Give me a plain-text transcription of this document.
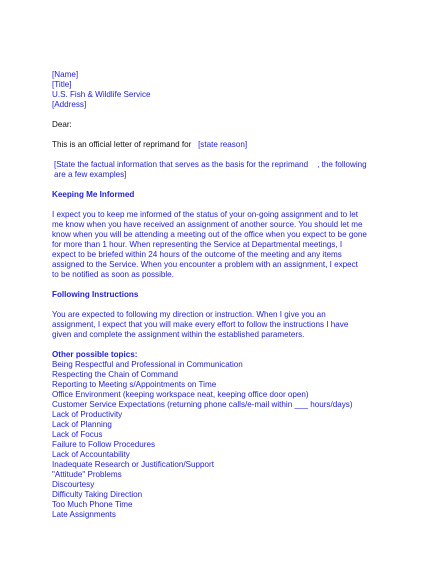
[Name]
[Title]
U.S. Fish & Wildlife Service
[Address]
Dear:
This is an official letter of reprimand for [state reason]
[State the factual information that serves as the basis for the reprimand , the following
are a few examples]
Keeping Me Informed
I expect you to keep me informed of the status of your on-going assignment and to let
me know when you have received an assignment of another source. You should let me
know when you will be attending a meeting out of the office when you expect to be gone
for more than 1 hour. When representing the Service at Departmental meetings, I
expect to be briefed within 24 hours of the outcome of the meeting and any items
assigned to the Service. When you encounter a problem with an assignment, I expect
to be notified as soon as possible.
Following Instructions
You are expected to following my direction or instruction. When I give you an
assignment, I expect that you will make every effort to follow the instructions I have
given and complete the assignment within the established parameters.
Other possible topics:
Being Respectful and Professional in Communication
Respecting the Chain of Command
Reporting to Meeting s/Appointments on Time
Office Environment (keeping workspace neat, keeping office door open)
Customer Service Expectations (returning phone calls/e-mail within ___ hours/days)
Lack of Productivity
Lack of Planning
Lack of Focus
Failure to Follow Procedures
Lack of Accountability
Inadequate Research or Justification/Support
"Attitude" Problems
Discourtesy
Difficulty Taking Direction
Too Much Phone Time
Late Assignments
